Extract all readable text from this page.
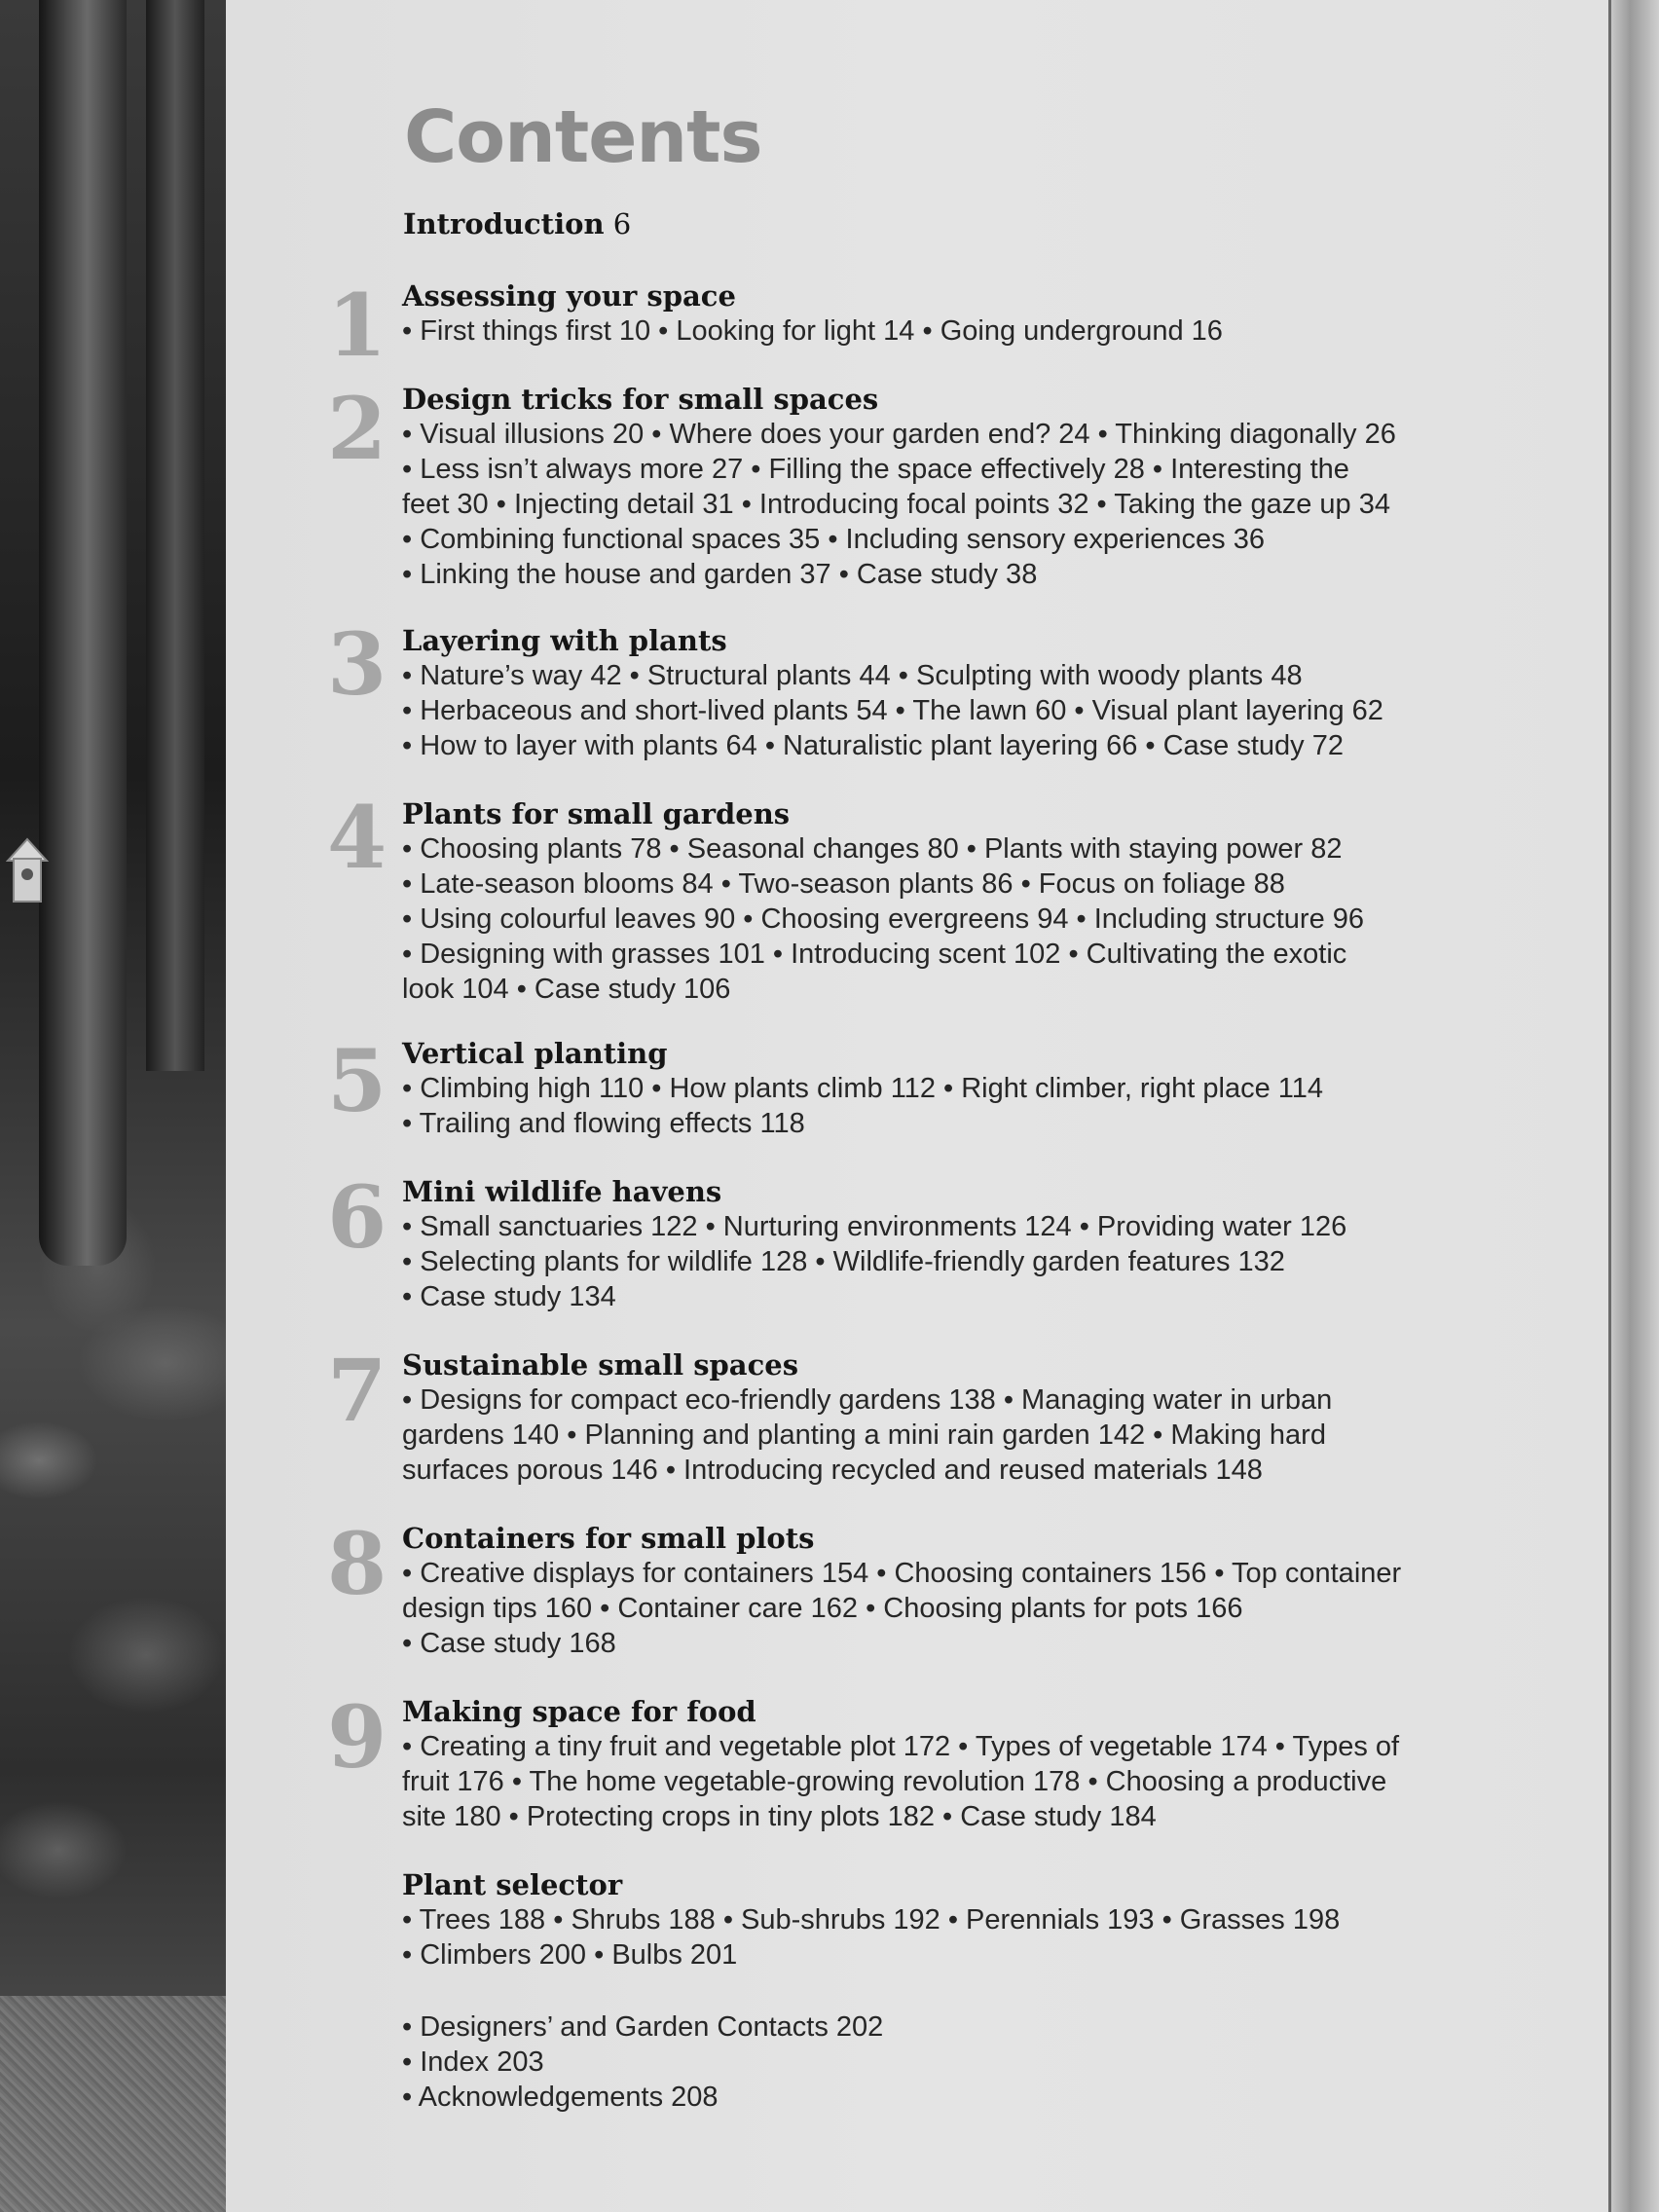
Contents
Introduction 6
1 Assessing your space

• First things first 10 • Looking for light 14 • Going underground 16

2 Design tricks for small spaces

• Visual illusions 20 • Where does your garden end? 24 • Thinking diagonally 26

• Less isn’t always more 27 • Filling the space effectively 28 • Interesting the

feet 30 • Injecting detail 31 • Introducing focal points 32 • Taking the gaze up 34

• Combining functional spaces 35 • Including sensory experiences 36

• Linking the house and garden 37 • Case study 38

3 Layering with plants

• Nature’s way 42 • Structural plants 44 • Sculpting with woody plants 48

• Herbaceous and short-lived plants 54 • The lawn 60 • Visual plant layering 62

• How to layer with plants 64 • Naturalistic plant layering 66 • Case study 72

4 Plants for small gardens

• Choosing plants 78 • Seasonal changes 80 • Plants with staying power 82

• Late-season blooms 84 • Two-season plants 86 • Focus on foliage 88

• Using colourful leaves 90 • Choosing evergreens 94 • Including structure 96

• Designing with grasses 101 • Introducing scent 102 • Cultivating the exotic

look 104 • Case study 106

5 Vertical planting

• Climbing high 110 • How plants climb 112 • Right climber, right place 114

• Trailing and flowing effects 118

6 Mini wildlife havens

• Small sanctuaries 122 • Nurturing environments 124 • Providing water 126

• Selecting plants for wildlife 128 • Wildlife-friendly garden features 132

• Case study 134

7 Sustainable small spaces

• Designs for compact eco-friendly gardens 138 • Managing water in urban

gardens 140 • Planning and planting a mini rain garden 142 • Making hard

surfaces porous 146 • Introducing recycled and reused materials 148

8 Containers for small plots

• Creative displays for containers 154 • Choosing containers 156 • Top container

design tips 160 • Container care 162 • Choosing plants for pots 166

• Case study 168

9 Making space for food

• Creating a tiny fruit and vegetable plot 172 • Types of vegetable 174 • Types of

fruit 176 • The home vegetable-growing revolution 178 • Choosing a productive

site 180 • Protecting crops in tiny plots 182 • Case study 184

Plant selector

• Trees 188 • Shrubs 188 • Sub-shrubs 192 • Perennials 193 • Grasses 198

• Climbers 200 • Bulbs 201

• Designers’ and Garden Contacts 202

• Index 203

• Acknowledgements 208
